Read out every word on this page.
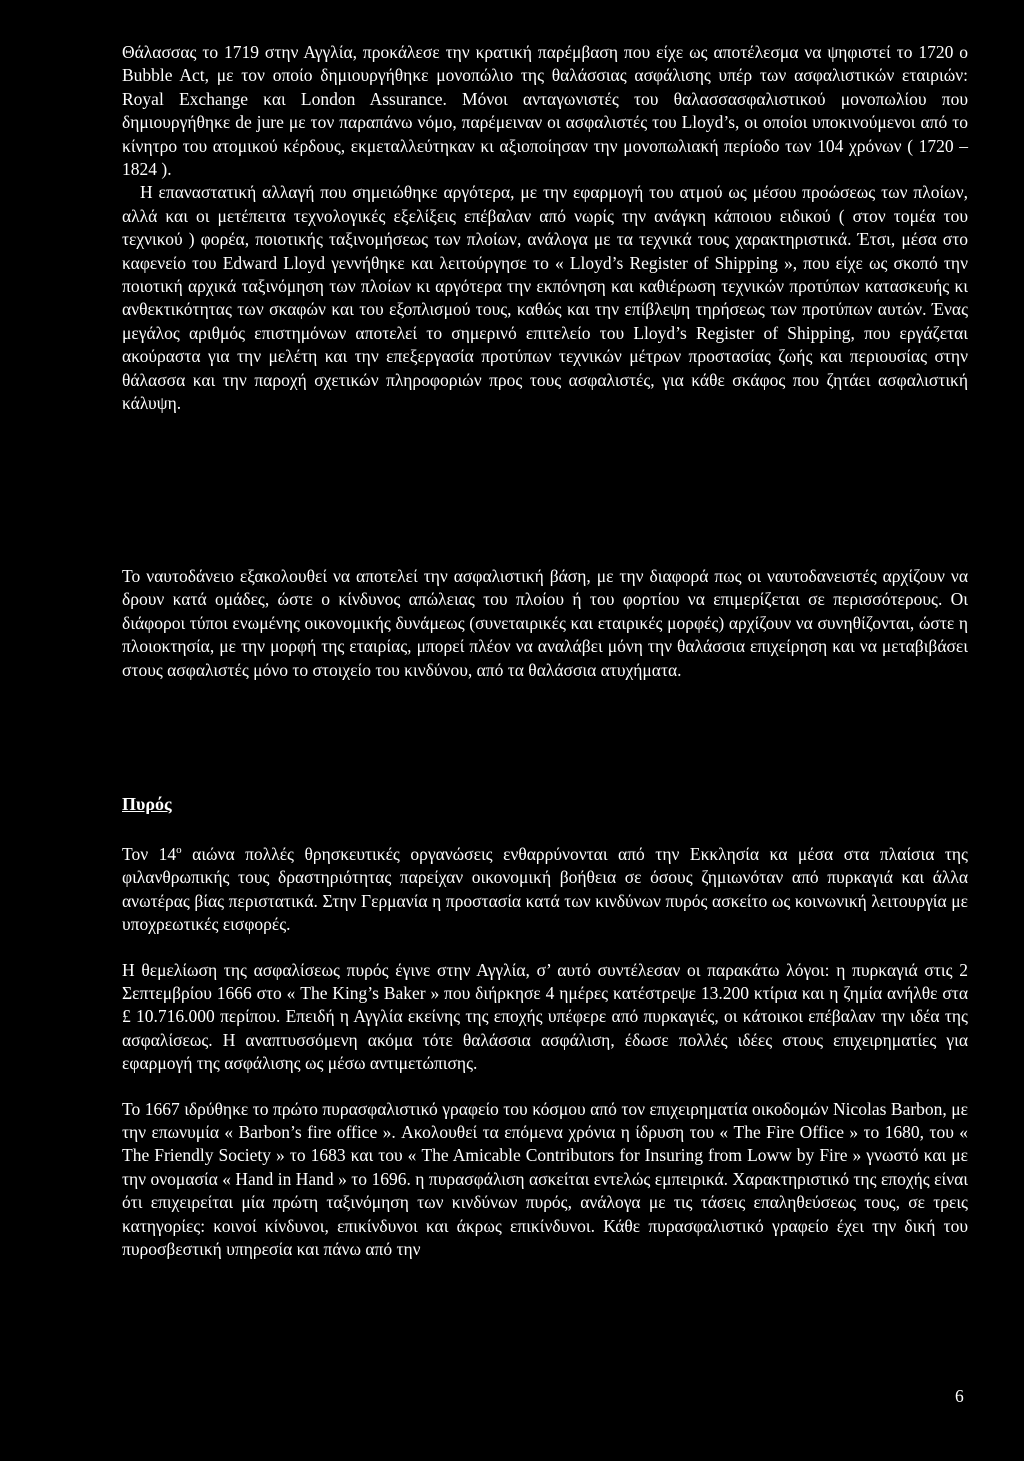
Θάλασσας το 1719 στην Αγγλία, προκάλεσε την κρατική παρέμβαση που είχε ως αποτέλεσμα να ψηφιστεί το 1720 ο Bubble Act, με τον οποίο δημιουργήθηκε μονοπώλιο της θαλάσσιας ασφάλισης υπέρ των ασφαλιστικών εταιριών: Royal Exchange και London Assurance. Μόνοι ανταγωνιστές του θαλασσασφαλιστικού μονοπωλίου που δημιουργήθηκε de jure με τον παραπάνω νόμο, παρέμειναν οι ασφαλιστές του Lloyd’s, οι οποίοι υποκινούμενοι από το κίνητρο του ατομικού κέρδους, εκμεταλλεύτηκαν κι αξιοποίησαν την μονοπωλιακή περίοδο των 104 χρόνων ( 1720 – 1824 ).

Η επαναστατική αλλαγή που σημειώθηκε αργότερα, με την εφαρμογή του ατμού ως μέσου προώσεως των πλοίων, αλλά και οι μετέπειτα τεχνολογικές εξελίξεις επέβαλαν από νωρίς την ανάγκη κάποιου ειδικού ( στον τομέα του τεχνικού ) φορέα, ποιοτικής ταξινομήσεως των πλοίων, ανάλογα με τα τεχνικά τους χαρακτηριστικά. Έτσι, μέσα στο καφενείο του Edward Lloyd γεννήθηκε και λειτούργησε το « Lloyd’s Register of Shipping », που είχε ως σκοπό την ποιοτική αρχικά ταξινόμηση των πλοίων κι αργότερα την εκπόνηση και καθιέρωση τεχνικών προτύπων κατασκευής κι ανθεκτικότητας των σκαφών και του εξοπλισμού τους, καθώς και την επίβλεψη τηρήσεως των προτύπων αυτών. Ένας μεγάλος αριθμός επιστημόνων αποτελεί το σημερινό επιτελείο του Lloyd’s Register of Shipping, που εργάζεται ακούραστα για την μελέτη και την επεξεργασία προτύπων τεχνικών μέτρων προστασίας ζωής και περιουσίας στην θάλασσα και την παροχή σχετικών πληροφοριών προς τους ασφαλιστές, για κάθε σκάφος που ζητάει ασφαλιστική κάλυψη.

Το ναυτοδάνειο εξακολουθεί να αποτελεί την ασφαλιστική βάση, με την διαφορά πως οι ναυτοδανειστές αρχίζουν να δρουν κατά ομάδες, ώστε ο κίνδυνος απώλειας του πλοίου ή του φορτίου να επιμερίζεται σε περισσότερους. Οι διάφοροι τύποι ενωμένης οικονομικής δυνάμεως (συνεταιρικές και εταιρικές μορφές) αρχίζουν να συνηθίζονται, ώστε η πλοιοκτησία, με την μορφή της εταιρίας, μπορεί πλέον να αναλάβει μόνη την θαλάσσια επιχείρηση και να μεταβιβάσει στους ασφαλιστές μόνο το στοιχείο του κινδύνου, από τα θαλάσσια ατυχήματα.

Πυρός

Τον $14^o$ αιώνα πολλές θρησκευτικές οργανώσεις ενθαρρύνονται από την Εκκλησία κα μέσα στα πλαίσια της φιλανθρωπικής τους δραστηριότητας παρείχαν οικονομική βοήθεια σε όσους ζημιωνόταν από πυρκαγιά και άλλα ανωτέρας βίας περιστατικά. Στην Γερμανία η προστασία κατά των κινδύνων πυρός ασκείτο ως κοινωνική λειτουργία με υποχρεωτικές εισφορές.

Η θεμελίωση της ασφαλίσεως πυρός έγινε στην Αγγλία, σ’ αυτό συντέλεσαν οι παρακάτω λόγοι: η πυρκαγιά στις 2 Σεπτεμβρίου 1666 στο « The King’s Baker » που διήρκησε 4 ημέρες κατέστρεψε 13.200 κτίρια και η ζημία ανήλθε στα £ 10.716.000 περίπου. Επειδή η Αγγλία εκείνης της εποχής υπέφερε από πυρκαγιές, οι κάτοικοι επέβαλαν την ιδέα της ασφαλίσεως. Η αναπτυσσόμενη ακόμα τότε θαλάσσια ασφάλιση, έδωσε πολλές ιδέες στους επιχειρηματίες για εφαρμογή της ασφάλισης ως μέσω αντιμετώπισης.

Το 1667 ιδρύθηκε το πρώτο πυρασφαλιστικό γραφείο του κόσμου από τον επιχειρηματία οικοδομών Nicolas Barbon, με την επωνυμία « Barbon’s fire office ». Ακολουθεί τα επόμενα χρόνια η ίδρυση του « The Fire Office » το 1680, του « The Friendly Society » το 1683 και του « The Amicable Contributors for Insuring from Loww by Fire » γνωστό και με την ονομασία « Hand in Hand » το 1696. η πυρασφάλιση ασκείται εντελώς εμπειρικά. Χαρακτηριστικό της εποχής είναι ότι επιχειρείται μία πρώτη ταξινόμηση των κινδύνων πυρός, ανάλογα με τις τάσεις επαληθεύσεως τους, σε τρεις κατηγορίες: κοινοί κίνδυνοι, επικίνδυνοι και άκρως επικίνδυνοι. Κάθε πυρασφαλιστικό γραφείο έχει την δική του πυροσβεστική υπηρεσία και πάνω από την

6
